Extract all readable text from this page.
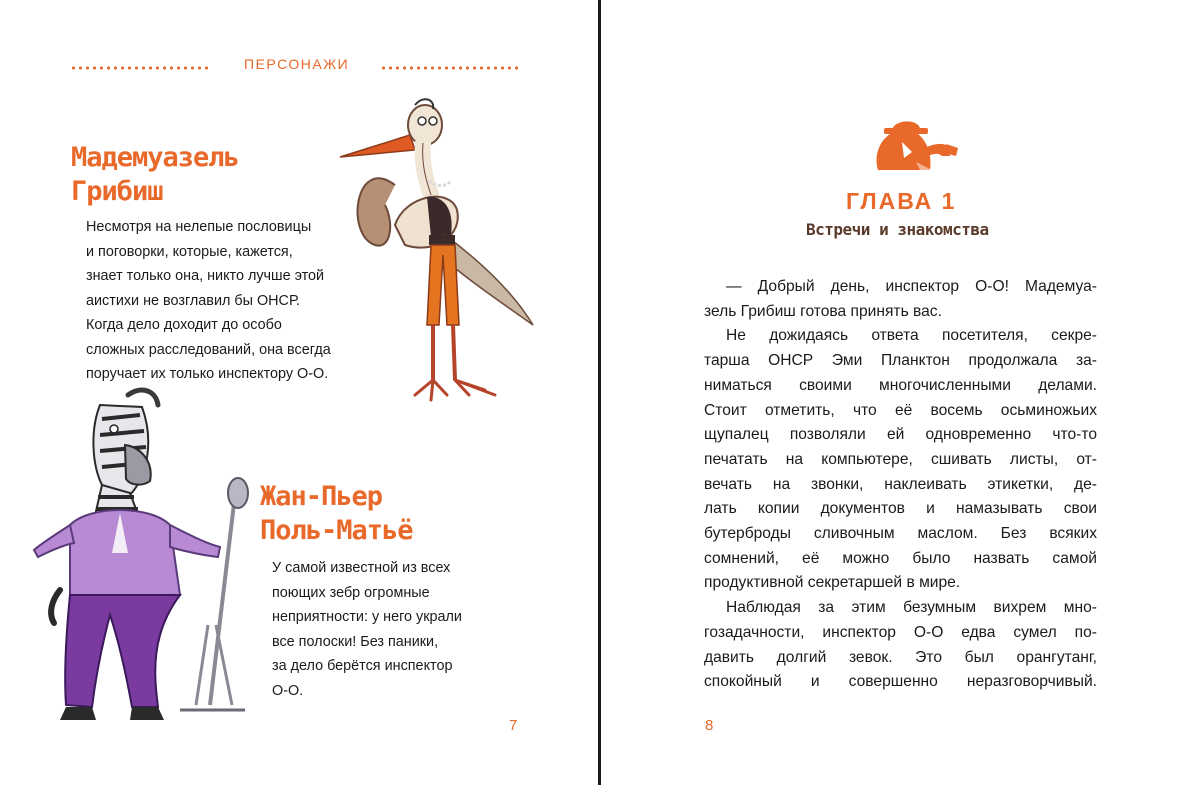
ПЕРСОНАЖИ
Мадемуазель
Грибиш
Несмотря на нелепые пословицы
и поговорки, которые, кажется,
знает только она, никто лучше этой
аистихи не возглавил бы ОНСР.
Когда дело доходит до особо
сложных расследований, она всегда
поручает их только инспектору О-О.
Жан-Пьер
Поль-Матьё
У самой известной из всех
поющих зебр огромные
неприятности: у него украли
все полоски! Без паники,
за дело берётся инспектор
О-О.
7
ГЛАВА 1
Встречи и знакомства
— Добрый день, инспектор О-О! Мадемуа-
зель Грибиш готова принять вас.
Не дожидаясь ответа посетителя, секре-
тарша ОНСР Эми Планктон продолжала за-
ниматься своими многочисленными делами.
Стоит отметить, что её восемь осьминожьих
щупалец позволяли ей одновременно что-то
печатать на компьютере, сшивать листы, от-
вечать на звонки, наклеивать этикетки, де-
лать копии документов и намазывать свои
бутерброды сливочным маслом. Без всяких
сомнений, её можно было назвать самой
продуктивной секретаршей в мире.
Наблюдая за этим безумным вихрем мно-
гозадачности, инспектор О-О едва сумел по-
давить долгий зевок. Это был орангутанг,
спокойный и совершенно неразговорчивый.
8
